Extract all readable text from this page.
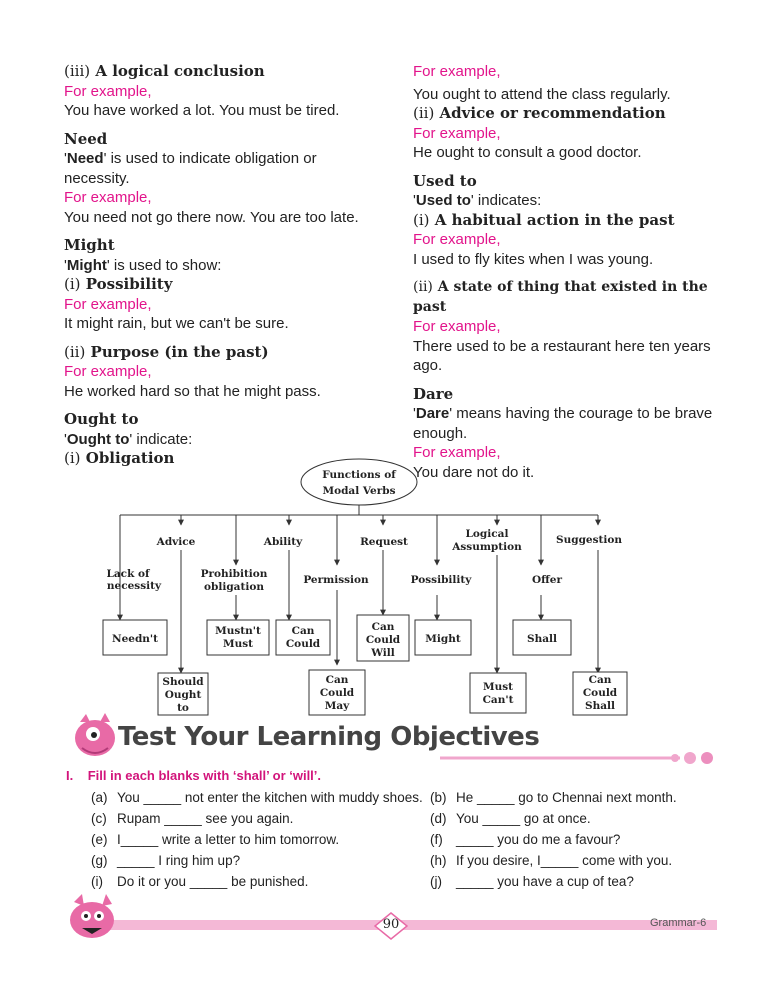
(iii) A logical conclusion

For example,

You have worked a lot. You must be tired.

Need

'Need' is used to indicate obligation or

necessity.

For example,

You need not go there now. You are too late.

Might

'Might' is used to show:

(i) Possibility

For example,

It might rain, but we can't be sure.

(ii) Purpose (in the past)

For example,

He worked hard so that he might pass.

Ought to

'Ought to' indicate:

(i) Obligation

For example,

You ought to attend the class regularly.

(ii) Advice or recommendation

For example,

He ought to consult a good doctor.

Used to

'Used to' indicates:

(i) A habitual action in the past

For example,

I used to fly kites when I was young.

(ii) A state of thing that existed in the past

For example,

There used to be a restaurant here ten years

ago.

Dare

'Dare' means having the courage to be brave

enough.

For example,

You dare not do it.

Functions of
Modal Verbs
Advice	Ability	Request
Logical
Assumption
Suggestion
Lack of
necessity
Prohibition
obligation
Permission	Possibility	Offer
Needn't
Mustn't
Must
Can
Could
Can
Could
Will
Might	Shall
Should
Ought
to
Can
Could
May
Must
Can't
Can
Could
Shall
Test Your Learning Objectives
I. Fill in each blanks with ‘shall’ or ‘will’.
(a) You _____ not enter the kitchen with muddy shoes. (b) He _____ go to Chennai next month.
(c) Rupam _____ see you again.	(d) You _____ go at once.
(e) I_____ write a letter to him tomorrow.	(f) _____ you do me a favour?
(g) _____ I ring him up?	(h) If you desire, I_____ come with you.
(i) Do it or you _____ be punished.	(j) _____ you have a cup of tea?
90	Grammar-6
